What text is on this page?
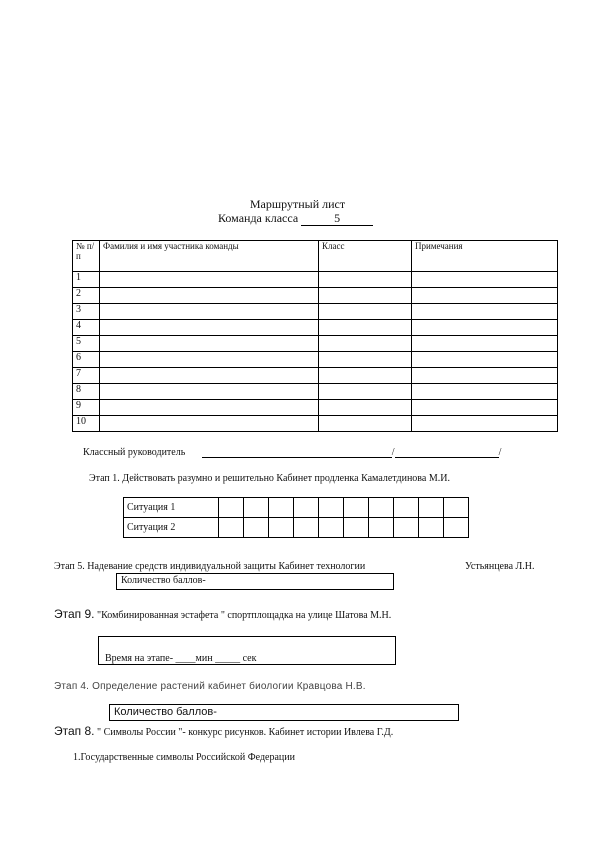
Маршрутный лист
Команда класса	5
№ п/п	Фамилия и имя участника команды	Класс	Примечания
1			
2			
3			
4			
5			
6			
7			
8			
9			
10			
Классный руководитель	/	/
Этап 1. Действовать разумно и решительно Кабинет продленка Камалетдинова М.И.
Ситуация 1										
Ситуация 2										
Этап 5. Надевание средств индивидуальной защиты Кабинет технологии	Устьянцева Л.Н.
Количество баллов-
Этап 9. "Комбинированная эстафета " спортплощадка на улице Шатова М.Н.
Время на этапе- ____мин _____ сек
Этап 4. Определение растений кабинет биологии Кравцова Н.В.
Количество баллов-
Этап 8. " Символы России "- конкурс рисунков. Кабинет истории Ивлева Г.Д.
1.Государственные символы Российской Федерации
